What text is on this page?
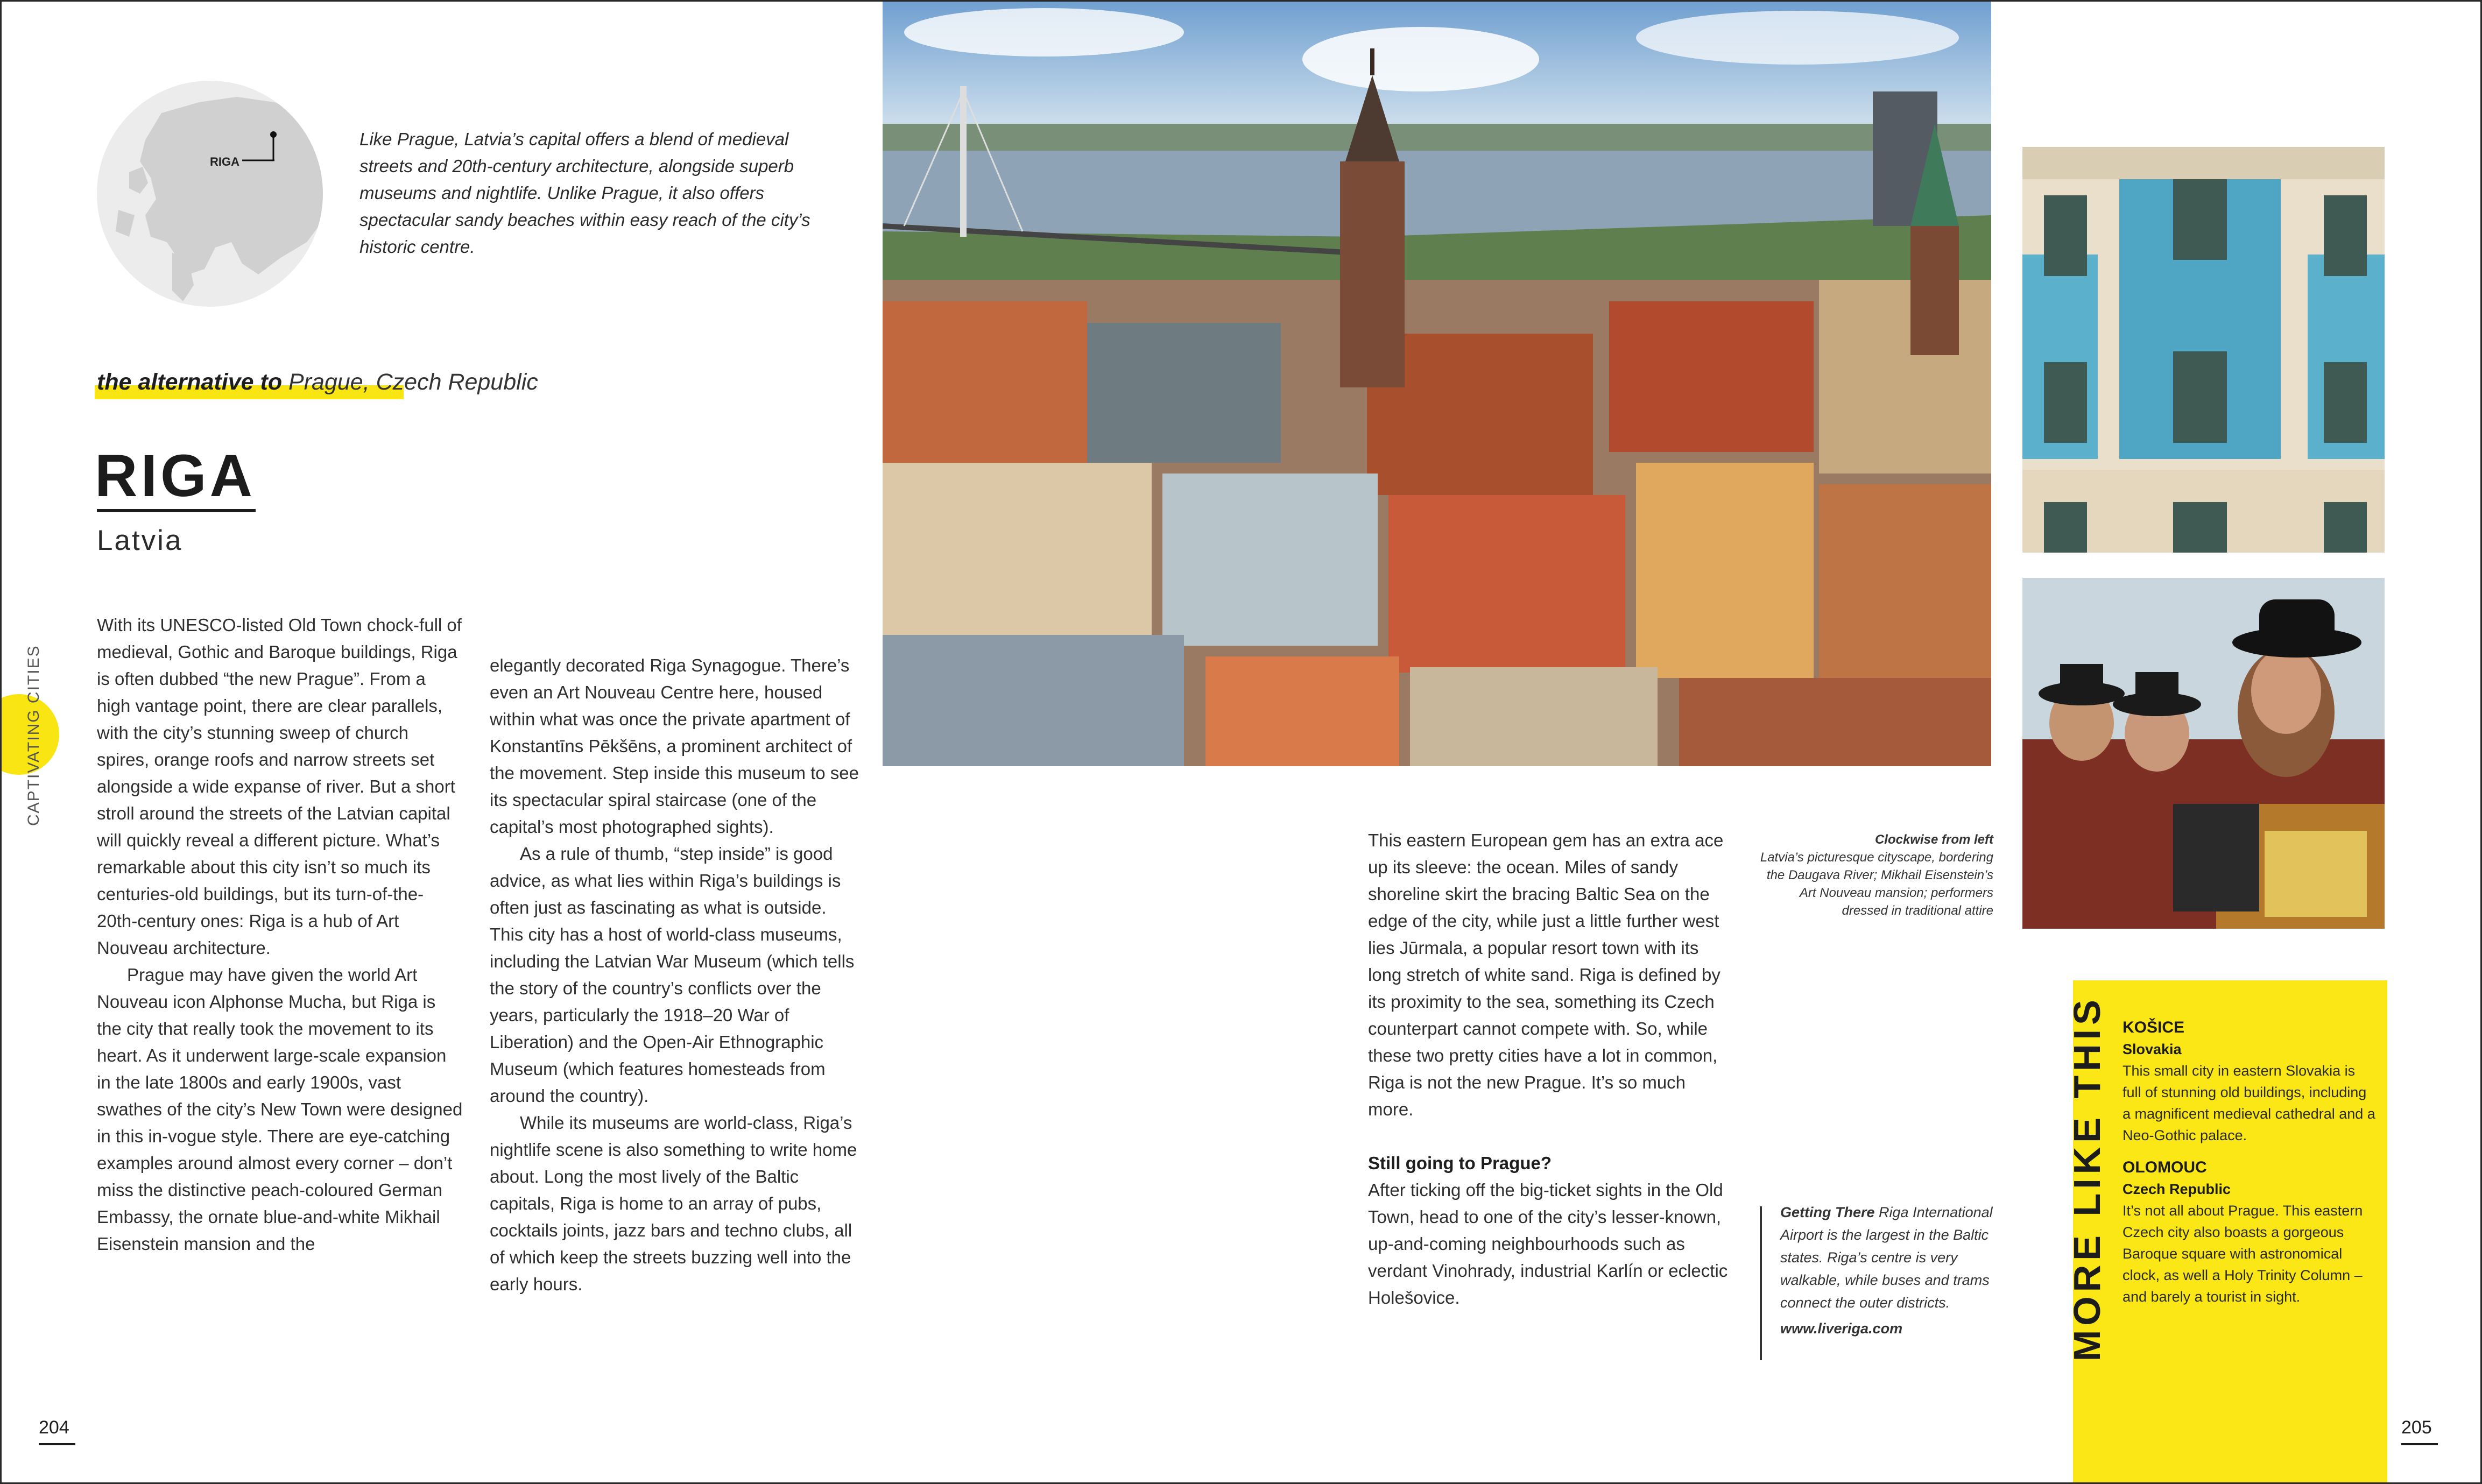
RIGA

Like Prague, Latvia’s capital offers a blend of medieval streets and 20th-century architecture, alongside superb museums and nightlife. Unlike Prague, it also offers spectacular sandy beaches within easy reach of the city’s historic centre.

the alternative to Prague, Czech Republic
RIGA
Latvia
CAPTIVATING CITIES

With its UNESCO-listed Old Town chock-full of medieval, Gothic and Baroque buildings, Riga is often dubbed “the new Prague”. From a high vantage point, there are clear parallels, with the city’s stunning sweep of church spires, orange roofs and narrow streets set alongside a wide expanse of river. But a short stroll around the streets of the Latvian capital will quickly reveal a different picture. What’s remarkable about this city isn’t so much its centuries-old buildings, but its turn-of-the-20th-century ones: Riga is a hub of Art Nouveau architecture.

Prague may have given the world Art Nouveau icon Alphonse Mucha, but Riga is the city that really took the movement to its heart. As it underwent large-scale expansion in the late 1800s and early 1900s, vast swathes of the city’s New Town were designed in this in-vogue style. There are eye-catching examples around almost every corner – don’t miss the distinctive peach-coloured German Embassy, the ornate blue-and-white Mikhail Eisenstein mansion and the

elegantly decorated Riga Synagogue. There’s even an Art Nouveau Centre here, housed within what was once the private apartment of Konstantīns Pēkšēns, a prominent architect of the movement. Step inside this museum to see its spectacular spiral staircase (one of the capital’s most photographed sights).

As a rule of thumb, “step inside” is good advice, as what lies within Riga’s buildings is often just as fascinating as what is outside. This city has a host of world-class museums, including the Latvian War Museum (which tells the story of the country’s conflicts over the years, particularly the 1918–20 War of Liberation) and the Open-Air Ethnographic Museum (which features homesteads from around the country).

While its museums are world-class, Riga’s nightlife scene is also something to write home about. Long the most lively of the Baltic capitals, Riga is home to an array of pubs, cocktails joints, jazz bars and techno clubs, all of which keep the streets buzzing well into the early hours.

This eastern European gem has an extra ace up its sleeve: the ocean. Miles of sandy shoreline skirt the bracing Baltic Sea on the edge of the city, while just a little further west lies Jūrmala, a popular resort town with its long stretch of white sand. Riga is defined by its proximity to the sea, something its Czech counterpart cannot compete with. So, while these two pretty cities have a lot in common, Riga is not the new Prague. It’s so much more.

Still going to Prague?

After ticking off the big-ticket sights in the Old Town, head to one of the city’s lesser-known, up-and-coming neighbourhoods such as verdant Vinohrady, industrial Karlín or eclectic Holešovice.

Clockwise from left
Latvia’s picturesque cityscape, bordering the Daugava River; Mikhail Eisenstein’s Art Nouveau mansion; performers dressed in traditional attire
Getting There Riga International Airport is the largest in the Baltic states. Riga’s centre is very walkable, while buses and trams connect the outer districts.
www.liveriga.com	MORE LIKE THIS KOŠICE
Slovakia
This small city in eastern Slovakia is full of stunning old buildings, including a magnificent medieval cathedral and a Neo-Gothic palace.
OLOMOUC
Czech Republic
It’s not all about Prague. This eastern Czech city also boasts a gorgeous Baroque square with astronomical clock, as well a Holy Trinity Column – and barely a tourist in sight.
204	205
